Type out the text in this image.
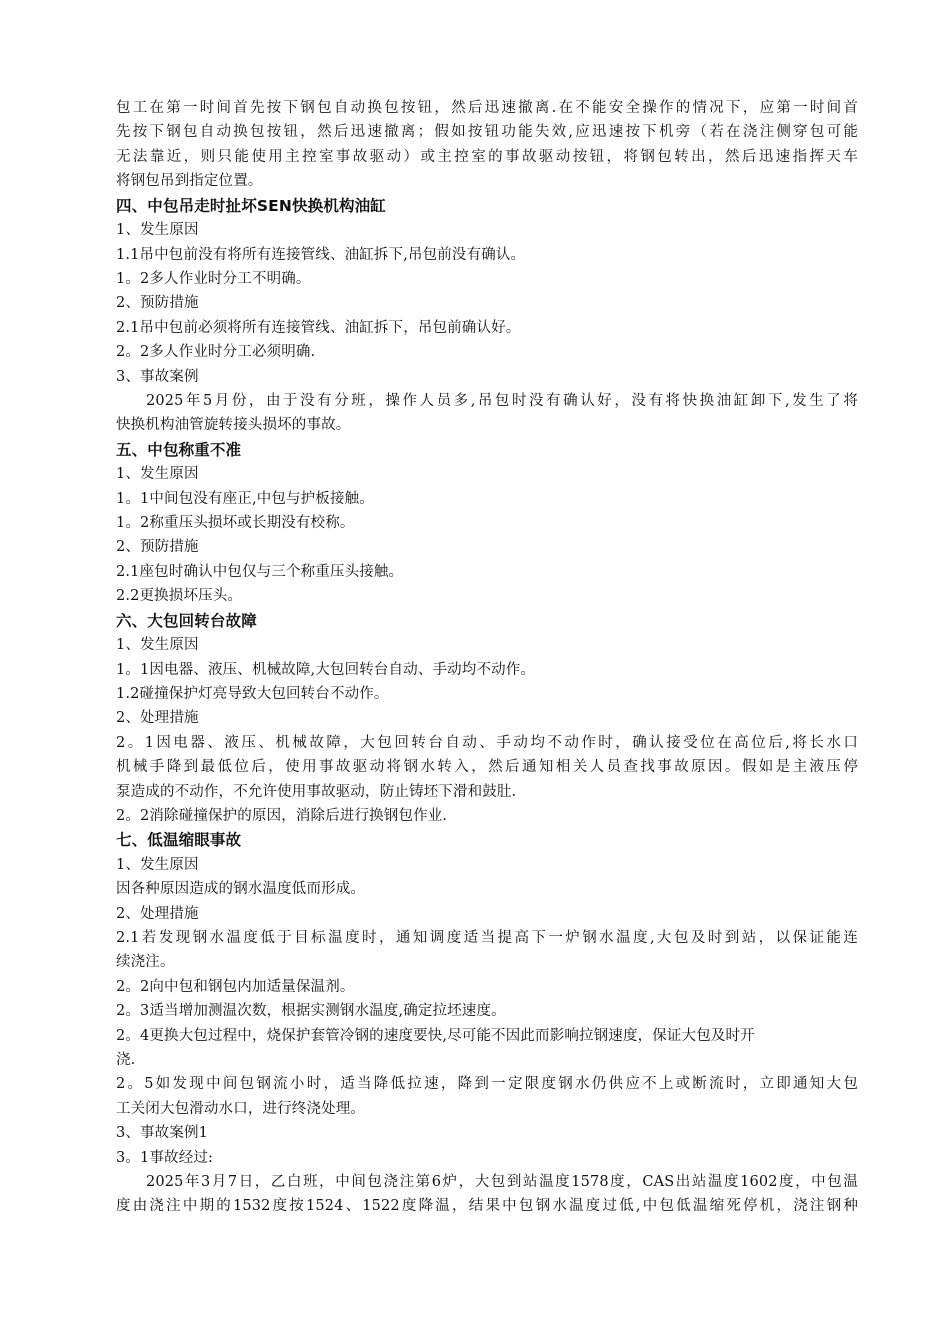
包工在第一时间首先按下钢包自动换包按钮，然后迅速撤离.在不能安全操作的情况下，应第一时间首
先按下钢包自动换包按钮，然后迅速撤离；假如按钮功能失效,应迅速按下机旁（若在浇注侧穿包可能
无法靠近，则只能使用主控室事故驱动）或主控室的事故驱动按钮，将钢包转出，然后迅速指挥天车
将钢包吊到指定位置。
四、中包吊走时扯坏SEN快换机构油缸
1、发生原因
1.1吊中包前没有将所有连接管线、油缸拆下,吊包前没有确认。
1。2多人作业时分工不明确。
2、预防措施
2.1吊中包前必须将所有连接管线、油缸拆下，吊包前确认好。
2。2多人作业时分工必须明确.
3、事故案例
2025年5月份，由于没有分班，操作人员多,吊包时没有确认好，没有将快换油缸卸下,发生了将
快换机构油管旋转接头损坏的事故。
五、中包称重不准
1、发生原因
1。1中间包没有座正,中包与护板接触。
1。2称重压头损坏或长期没有校称。
2、预防措施
2.1座包时确认中包仅与三个称重压头接触。
2.2更换损坏压头。
六、大包回转台故障
1、发生原因
1。1因电器、液压、机械故障,大包回转台自动、手动均不动作。
1.2碰撞保护灯亮导致大包回转台不动作。
2、处理措施
2。1因电器、液压、机械故障，大包回转台自动、手动均不动作时，确认接受位在高位后,将长水口
机械手降到最低位后，使用事故驱动将钢水转入，然后通知相关人员查找事故原因。假如是主液压停
泵造成的不动作，不允许使用事故驱动，防止铸坯下滑和鼓肚.
2。2消除碰撞保护的原因，消除后进行换钢包作业.
七、低温缩眼事故
1、发生原因
因各种原因造成的钢水温度低而形成。
2、处理措施
2.1若发现钢水温度低于目标温度时，通知调度适当提高下一炉钢水温度,大包及时到站，以保证能连
续浇注。
2。2向中包和钢包内加适量保温剂。
2。3适当增加测温次数，根据实测钢水温度,确定拉坯速度。
2。4更换大包过程中，烧保护套管冷钢的速度要快,尽可能不因此而影响拉钢速度，保证大包及时开
浇.
2。5如发现中间包钢流小时，适当降低拉速，降到一定限度钢水仍供应不上或断流时，立即通知大包
工关闭大包滑动水口，进行终浇处理。
3、事故案例1
3。1事故经过:
2025年3月7日，乙白班，中间包浇注第6炉，大包到站温度1578度，CAS出站温度1602度，中包温
度由浇注中期的1532度按1524、1522度降温，结果中包钢水温度过低,中包低温缩死停机，浇注钢种
